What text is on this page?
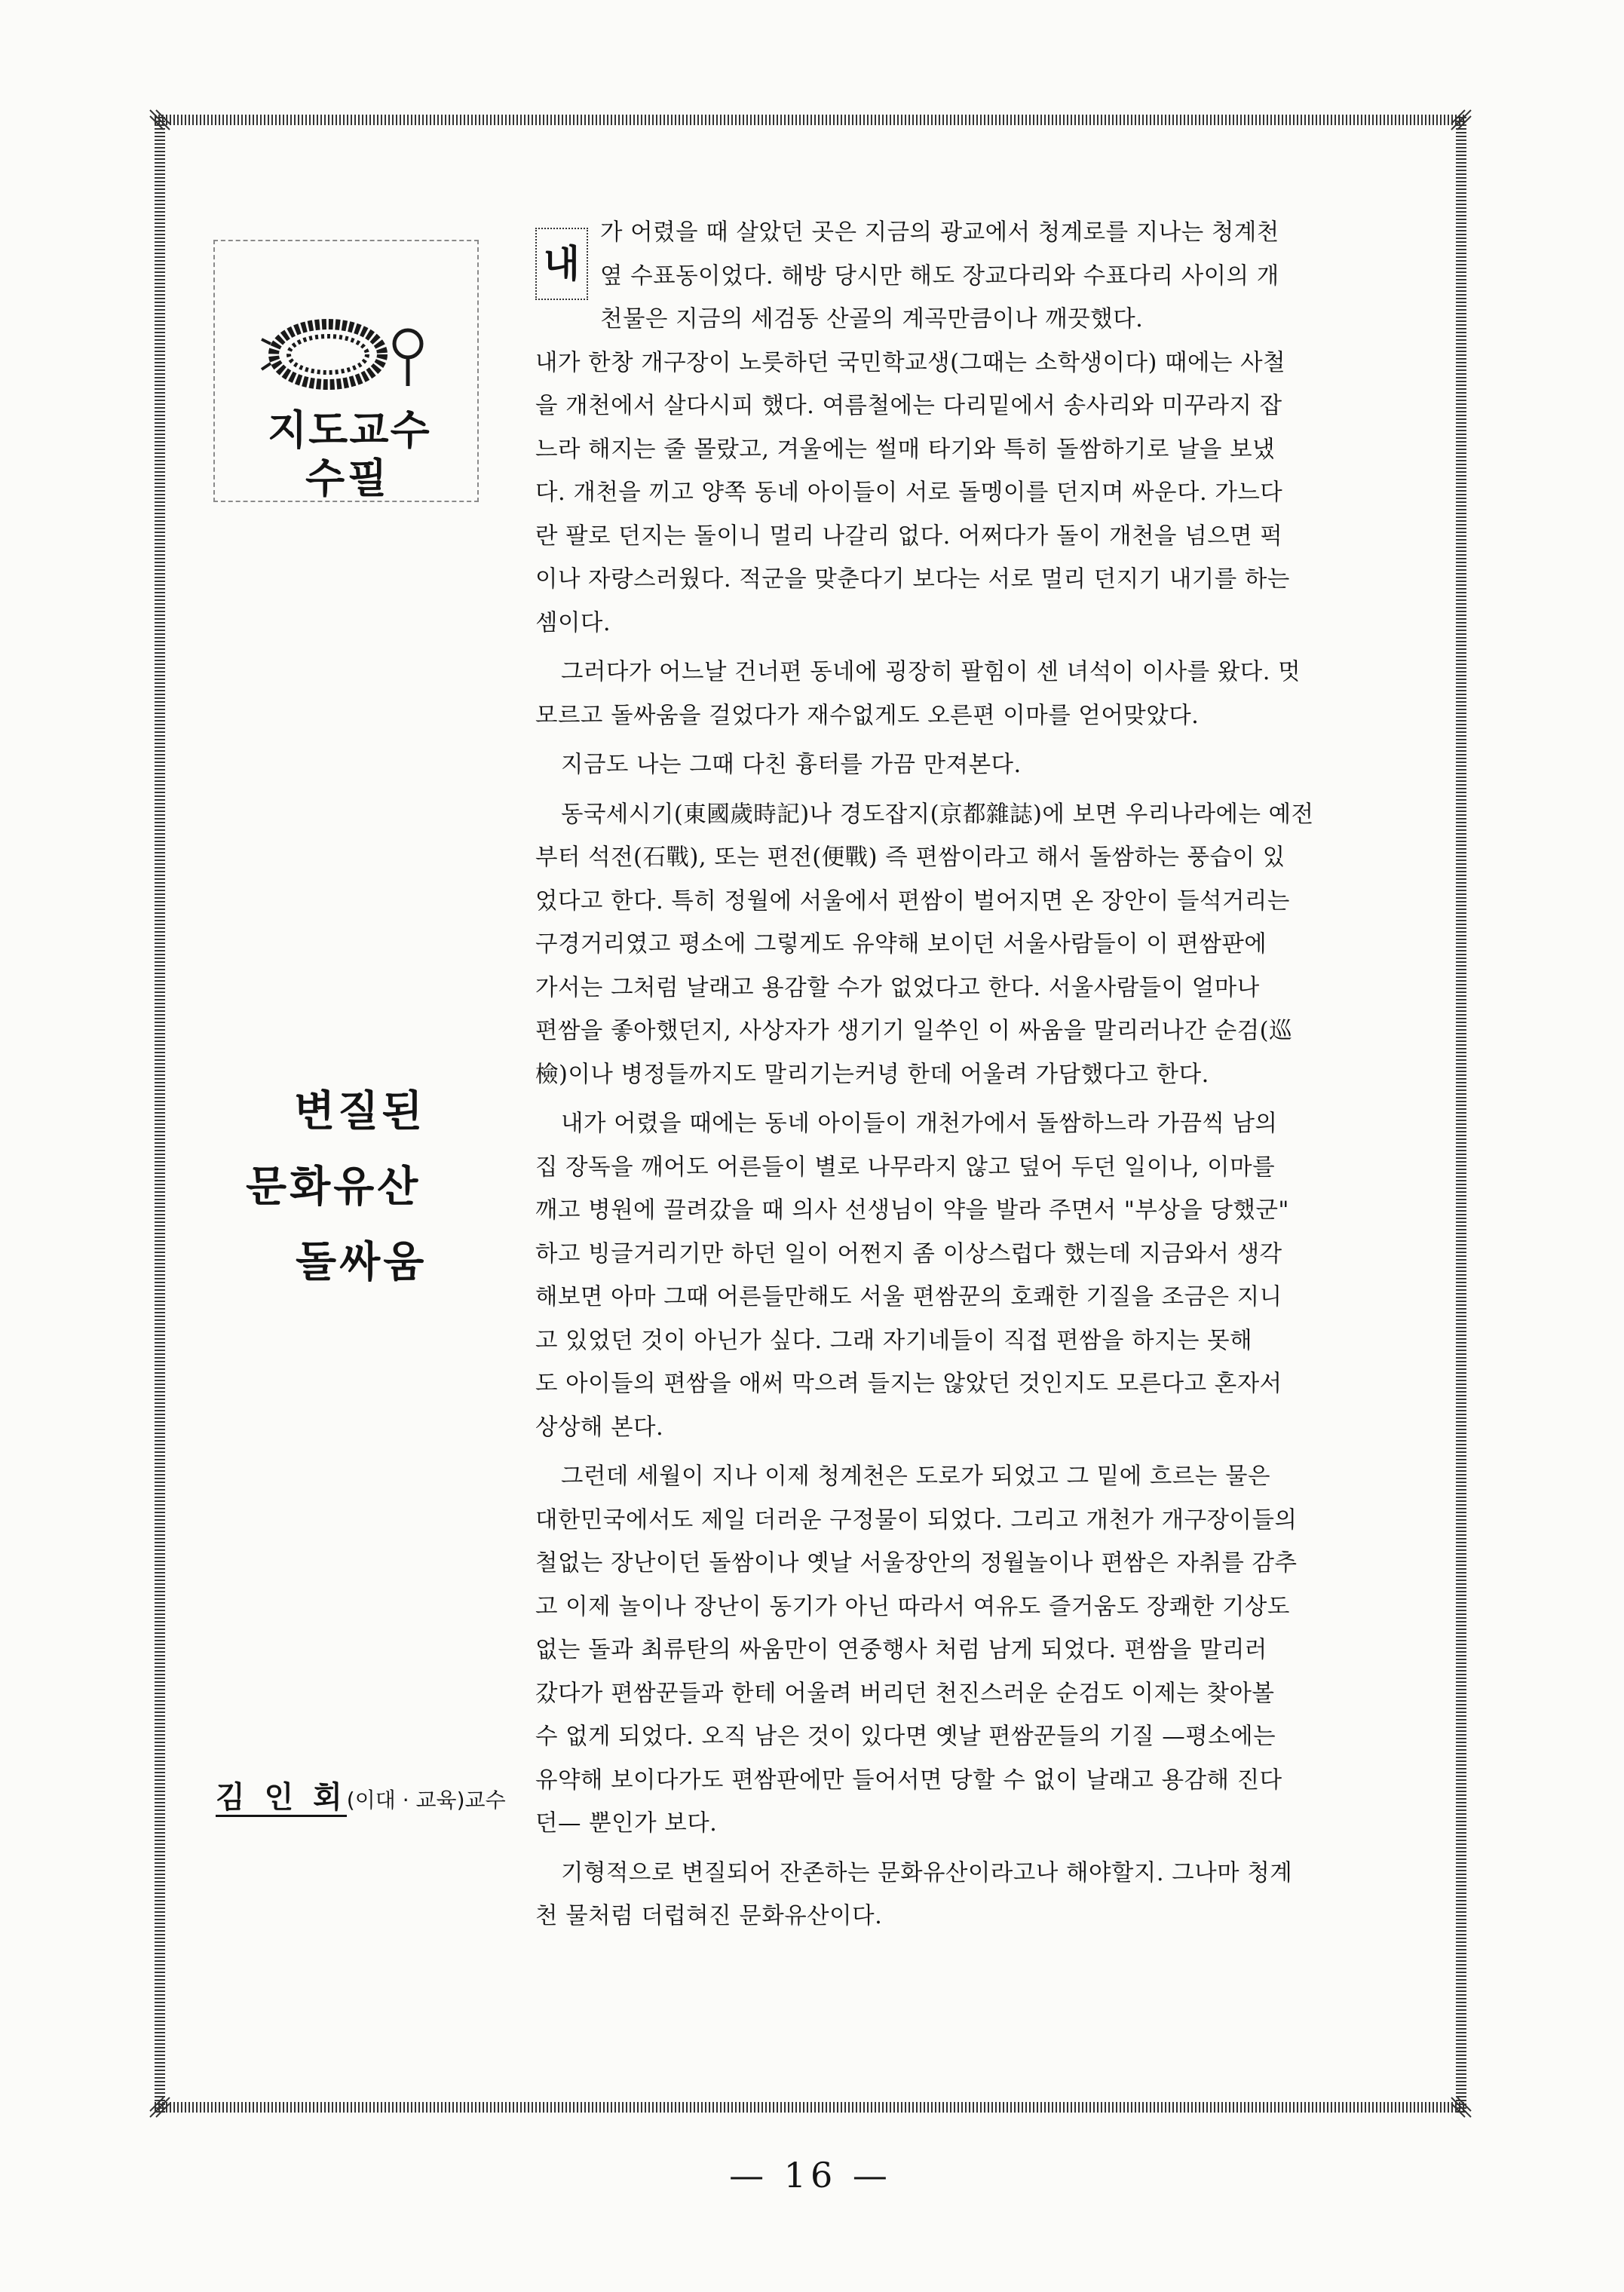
지도교수
수필
변질된
문화유산
돌싸움
김 인 회(이대 · 교육)교수
내
가 어렸을 때 살았던 곳은 지금의 광교에서 청계로를 지나는 청계천
옆 수표동이었다. 해방 당시만 해도 장교다리와 수표다리 사이의 개
천물은 지금의 세검동 산골의 계곡만큼이나 깨끗했다.
내가 한창 개구장이 노릇하던 국민학교생(그때는 소학생이다) 때에는 사철
을 개천에서 살다시피 했다. 여름철에는 다리밑에서 송사리와 미꾸라지 잡
느라 해지는 줄 몰랐고, 겨울에는 썰매 타기와 특히 돌쌈하기로 날을 보냈
다. 개천을 끼고 양쪽 동네 아이들이 서로 돌멩이를 던지며 싸운다. 가느다
란 팔로 던지는 돌이니 멀리 나갈리 없다. 어쩌다가 돌이 개천을 넘으면 퍽
이나 자랑스러웠다. 적군을 맞춘다기 보다는 서로 멀리 던지기 내기를 하는
셈이다.
그러다가 어느날 건너편 동네에 굉장히 팔힘이 센 녀석이 이사를 왔다. 멋
모르고 돌싸움을 걸었다가 재수없게도 오른편 이마를 얻어맞았다.
지금도 나는 그때 다친 흉터를 가끔 만져본다.
동국세시기(東國歲時記)나 경도잡지(京都雜誌)에 보면 우리나라에는 예전
부터 석전(石戰), 또는 편전(便戰) 즉 편쌈이라고 해서 돌쌈하는 풍습이 있
었다고 한다. 특히 정월에 서울에서 편쌈이 벌어지면 온 장안이 들석거리는
구경거리였고 평소에 그렇게도 유약해 보이던 서울사람들이 이 편쌈판에
가서는 그처럼 날래고 용감할 수가 없었다고 한다. 서울사람들이 얼마나
편쌈을 좋아했던지, 사상자가 생기기 일쑤인 이 싸움을 말리러나간 순검(巡
檢)이나 병정들까지도 말리기는커녕 한데 어울려 가담했다고 한다.
내가 어렸을 때에는 동네 아이들이 개천가에서 돌쌈하느라 가끔씩 남의
집 장독을 깨어도 어른들이 별로 나무라지 않고 덮어 두던 일이나, 이마를
깨고 병원에 끌려갔을 때 의사 선생님이 약을 발라 주면서 "부상을 당했군"
하고 빙글거리기만 하던 일이 어쩐지 좀 이상스럽다 했는데 지금와서 생각
해보면 아마 그때 어른들만해도 서울 편쌈꾼의 호쾌한 기질을 조금은 지니
고 있었던 것이 아닌가 싶다. 그래 자기네들이 직접 편쌈을 하지는 못해
도 아이들의 편쌈을 애써 막으려 들지는 않았던 것인지도 모른다고 혼자서
상상해 본다.
그런데 세월이 지나 이제 청계천은 도로가 되었고 그 밑에 흐르는 물은
대한민국에서도 제일 더러운 구정물이 되었다. 그리고 개천가 개구장이들의
철없는 장난이던 돌쌈이나 옛날 서울장안의 정월놀이나 편쌈은 자취를 감추
고 이제 놀이나 장난이 동기가 아닌 따라서 여유도 즐거움도 장쾌한 기상도
없는 돌과 최류탄의 싸움만이 연중행사 처럼 남게 되었다. 편쌈을 말리러
갔다가 편쌈꾼들과 한테 어울려 버리던 천진스러운 순검도 이제는 찾아볼
수 없게 되었다. 오직 남은 것이 있다면 옛날 편쌈꾼들의 기질 —평소에는
유약해 보이다가도 편쌈판에만 들어서면 당할 수 없이 날래고 용감해 진다
던— 뿐인가 보다.
기형적으로 변질되어 잔존하는 문화유산이라고나 해야할지. 그나마 청계
천 물처럼 더럽혀진 문화유산이다.
— 16 —
